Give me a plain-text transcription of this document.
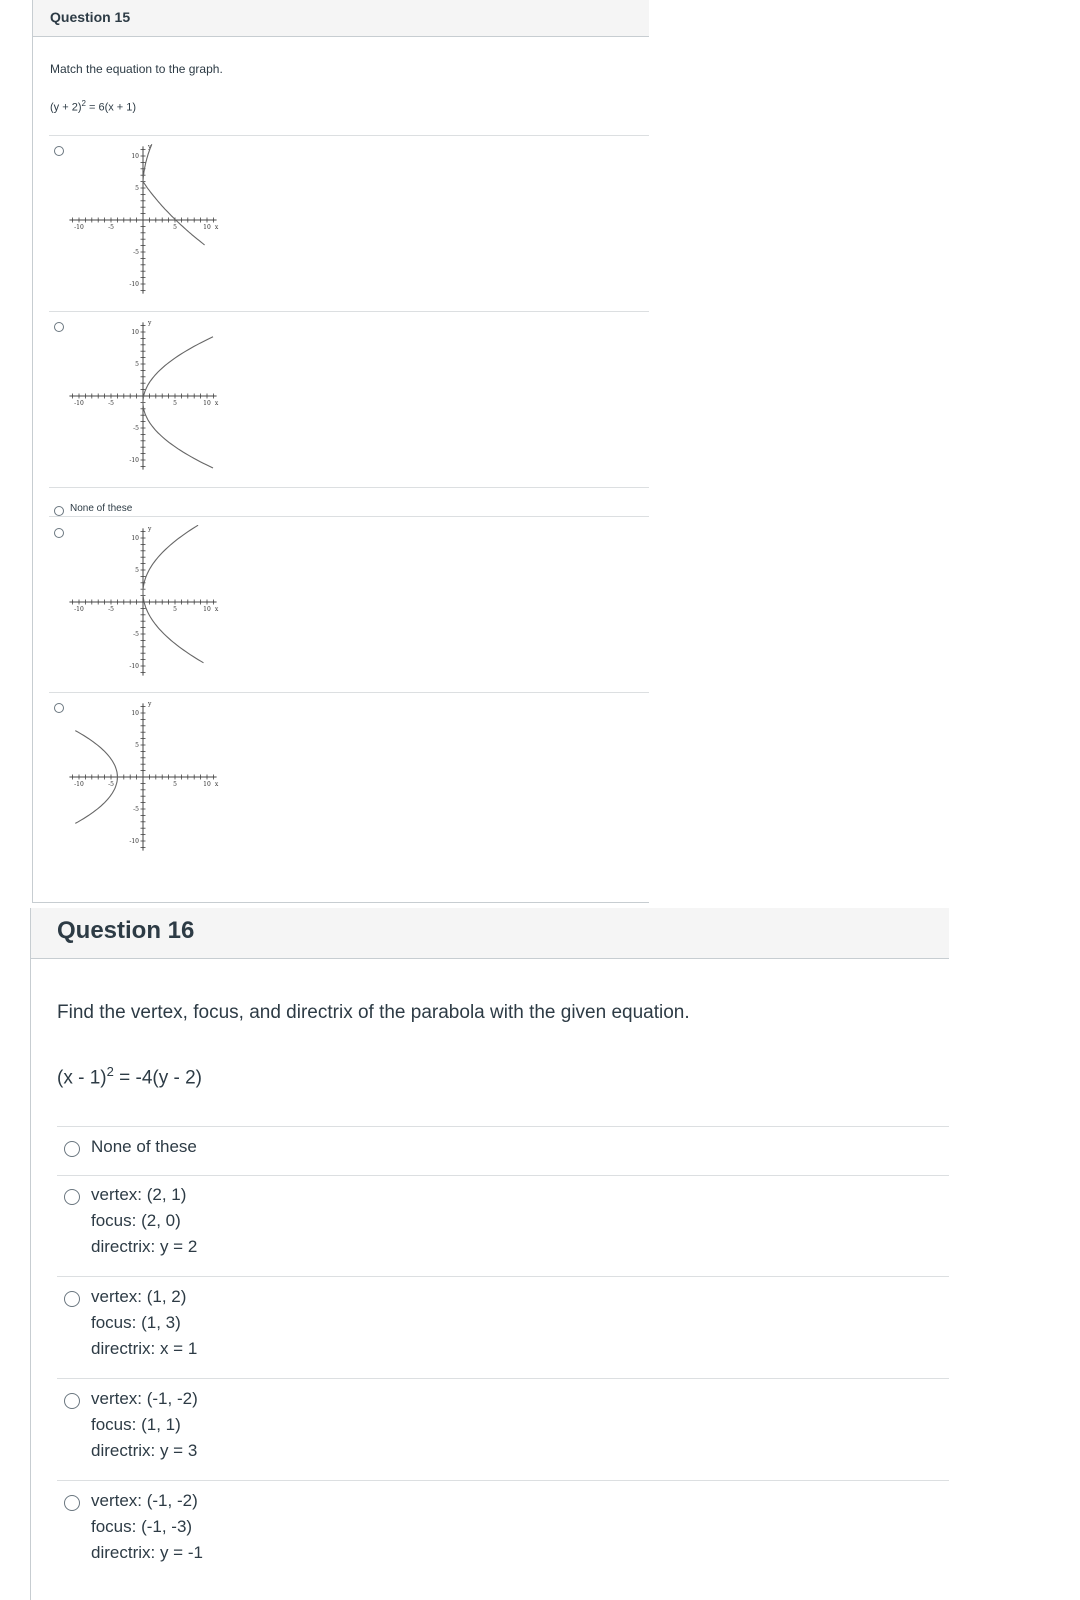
Question 15
Match the equation to the graph.
$(y + 2)^2 = 6(x + 1)$
-10	-5	5	10 x
10
5
-5
-10
y
-10	-5	5	10 x
10
5
-5
-10
y
None of these
-10	-5	5	10 x
10
5
-5
-10
y
-10	-5	5	10 x
10
5
-5
-10
y
Question 16
Find the vertex, focus, and directrix of the parabola with the given equation.
(x - 1)$^2$ = -4(y - 2)
None of these
vertex: (2, 1)
focus: (2, 0)
directrix: y = 2
vertex: (1, 2)
focus: (1, 3)
directrix: x = 1
vertex: (-1, -2)
focus: (1, 1)
directrix: y = 3
vertex: (-1, -2)
focus: (-1, -3)
directrix: y = -1
